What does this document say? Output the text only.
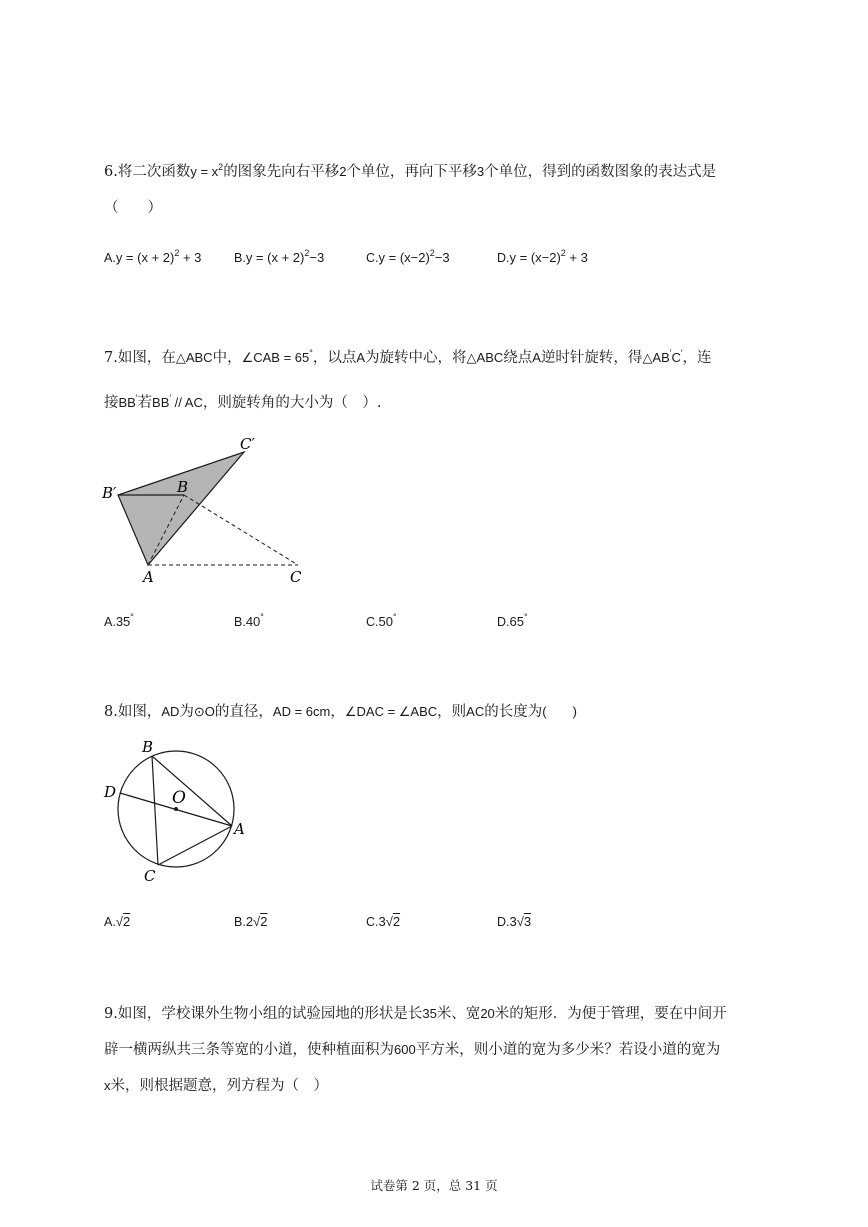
6.将二次函数$y = x^2$的图象先向右平移2个单位，再向下平移3个单位，得到的函数图象的表达式是
（　　）
$A.y = (x + 2)^2 + 3$	$B.y = (x + 2)^2-3$	$C.y = (x-2)^2-3$	$D.y = (x-2)^2 + 3$
7.如图，在△ABC中，∠CAB = 65°，以点A为旋转中心，将△ABC绕点A逆时针旋转，得△AB′C′，连
接BB′若BB′ // AC，则旋转角的大小为（　）.
B′	B
C′
A	C
A.35°	B.40°	C.50°	D.65°
8.如图，AD为⊙O的直径，AD = 6cm，∠DAC = ∠ABC，则AC的长度为(　　)
B
D	O
A
C
A.√2	B.2√2	C.3√2	D.3√3
9.如图，学校课外生物小组的试验园地的形状是长35米、宽20米的矩形．为便于管理，要在中间开
辟一横两纵共三条等宽的小道，使种植面积为600平方米，则小道的宽为多少米？若设小道的宽为
x米，则根据题意，列方程为（　）
试卷第 2 页，总 31 页
